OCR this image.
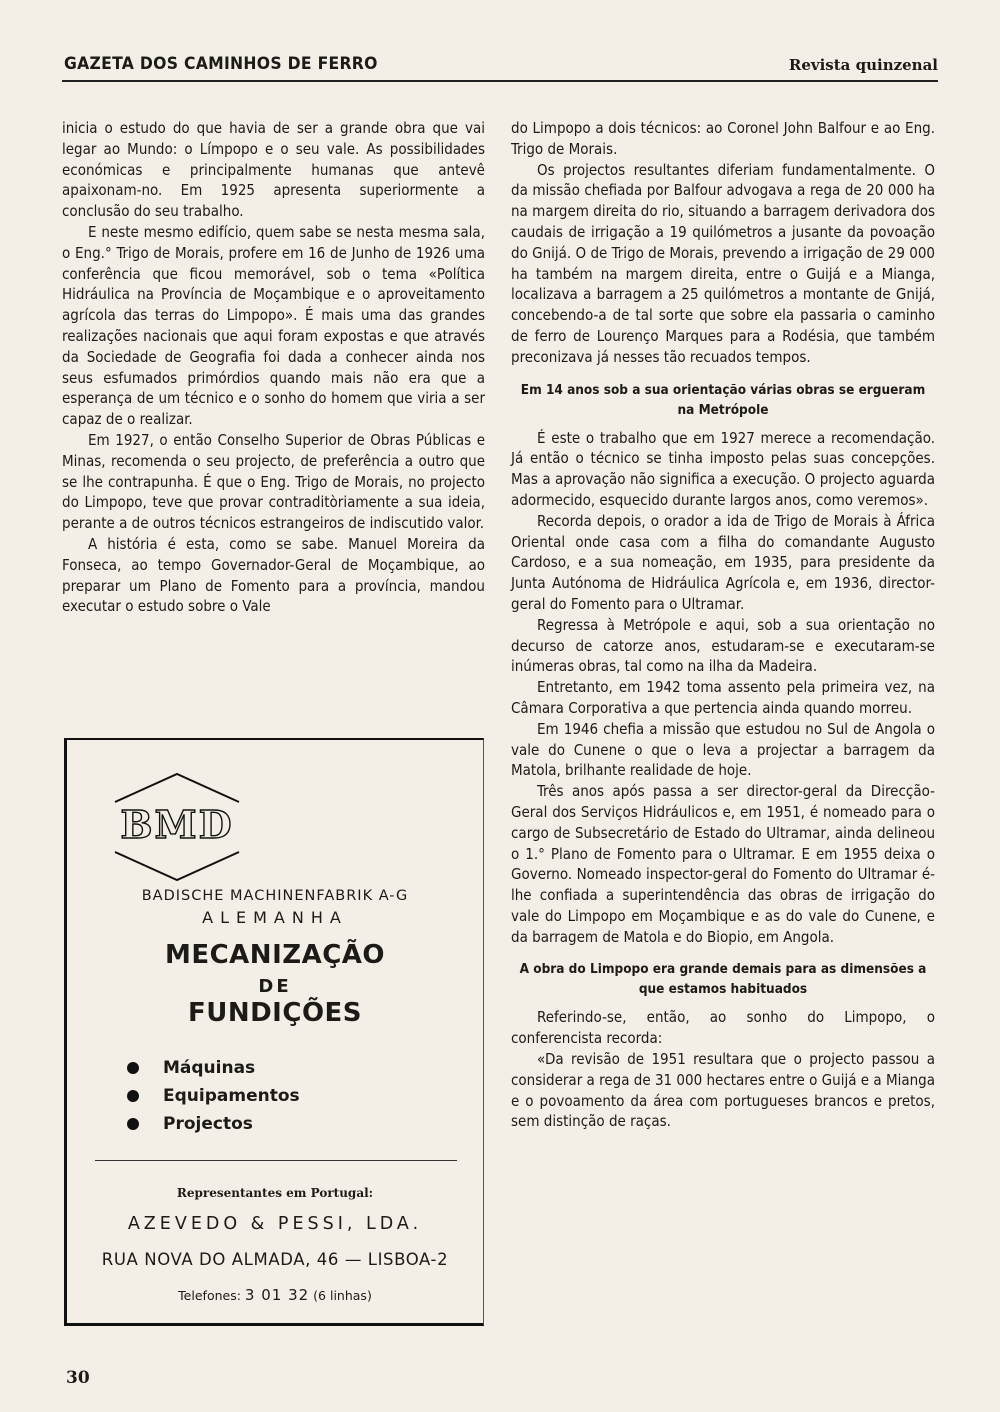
GAZETA DOS CAMINHOS DE FERRO	Revista quinzenal

inicia o estudo do que havia de ser a grande obra que vai legar ao Mundo: o Límpopo e o seu vale. As possibilidades económicas e principalmente humanas que antevê apaixonam-no. Em 1925 apresenta superiormente a conclusão do seu trabalho.

E neste mesmo edifício, quem sabe se nesta mesma sala, o Eng.° Trigo de Morais, profere em 16 de Junho de 1926 uma conferência que ficou memorável, sob o tema «Política Hidráulica na Província de Moçambique e o aproveitamento agrícola das terras do Limpopo». É mais uma das grandes realizações nacionais que aqui foram expostas e que através da Sociedade de Geografia foi dada a conhecer ainda nos seus esfumados primórdios quando mais não era que a esperança de um técnico e o sonho do homem que viria a ser capaz de o realizar.

Em 1927, o então Conselho Superior de Obras Públicas e Minas, recomenda o seu projecto, de preferência a outro que se lhe contrapunha. É que o Eng. Trigo de Morais, no projecto do Limpopo, teve que provar contraditòriamente a sua ideia, perante a de outros técnicos estrangeiros de indiscutido valor.

A história é esta, como se sabe. Manuel Moreira da Fonseca, ao tempo Governador-Geral de Moçambique, ao preparar um Plano de Fomento para a província, mandou executar o estudo sobre o Vale

BMD
BADISCHE MACHINENFABRIK A-G
ALEMANHA
MECANIZAÇÃO
DE
FUNDIÇÕES
Máquinas
Equipamentos
Projectos
Representantes em Portugal:
AZEVEDO & PESSI, LDA.
RUA NOVA DO ALMADA, 46 — LISBOA-2
Telefones: 3 01 32 (6 linhas)

do Limpopo a dois técnicos: ao Coronel John Balfour e ao Eng. Trigo de Morais.

Os projectos resultantes diferiam fundamentalmente. O da missão chefiada por Balfour advogava a rega de 20 000 ha na margem direita do rio, situando a barragem derivadora dos caudais de irrigação a 19 quilómetros a jusante da povoação do Gnijá. O de Trigo de Morais, prevendo a irrigação de 29 000 ha também na margem direita, entre o Guijá e a Mianga, localizava a barragem a 25 quilómetros a montante de Gnijá, concebendo-a de tal sorte que sobre ela passaria o caminho de ferro de Lourenço Marques para a Rodésia, que também preconizava já nesses tão recuados tempos.

Em 14 anos sob a sua orientação várias obras se ergueram na Metrópole

É este o trabalho que em 1927 merece a recomendação. Já então o técnico se tinha imposto pelas suas concepções. Mas a aprovação não significa a execução. O projecto aguarda adormecido, esquecido durante largos anos, como veremos».

Recorda depois, o orador a ida de Trigo de Morais à África Oriental onde casa com a filha do comandante Augusto Cardoso, e a sua nomeação, em 1935, para presidente da Junta Autónoma de Hidráulica Agrícola e, em 1936, director-geral do Fomento para o Ultramar.

Regressa à Metrópole e aqui, sob a sua orientação no decurso de catorze anos, estudaram-se e executaram-se inúmeras obras, tal como na ilha da Madeira.

Entretanto, em 1942 toma assento pela primeira vez, na Câmara Corporativa a que pertencia ainda quando morreu.

Em 1946 chefia a missão que estudou no Sul de Angola o vale do Cunene o que o leva a projectar a barragem da Matola, brilhante realidade de hoje.

Três anos após passa a ser director-geral da Direcção-Geral dos Serviços Hidráulicos e, em 1951, é nomeado para o cargo de Subsecretário de Estado do Ultramar, ainda delineou o 1.° Plano de Fomento para o Ultramar. E em 1955 deixa o Governo. Nomeado inspector-geral do Fomento do Ultramar é-lhe confiada a superintendência das obras de irrigação do vale do Limpopo em Moçambique e as do vale do Cunene, e da barragem de Matola e do Biopio, em Angola.

A obra do Limpopo era grande demais para as dimensões a que estamos habituados

Referindo-se, então, ao sonho do Limpopo, o conferencista recorda:

«Da revisão de 1951 resultara que o projecto passou a considerar a rega de 31 000 hectares entre o Guijá e a Mianga e o povoamento da área com portugueses brancos e pretos, sem distinção de raças.

30
